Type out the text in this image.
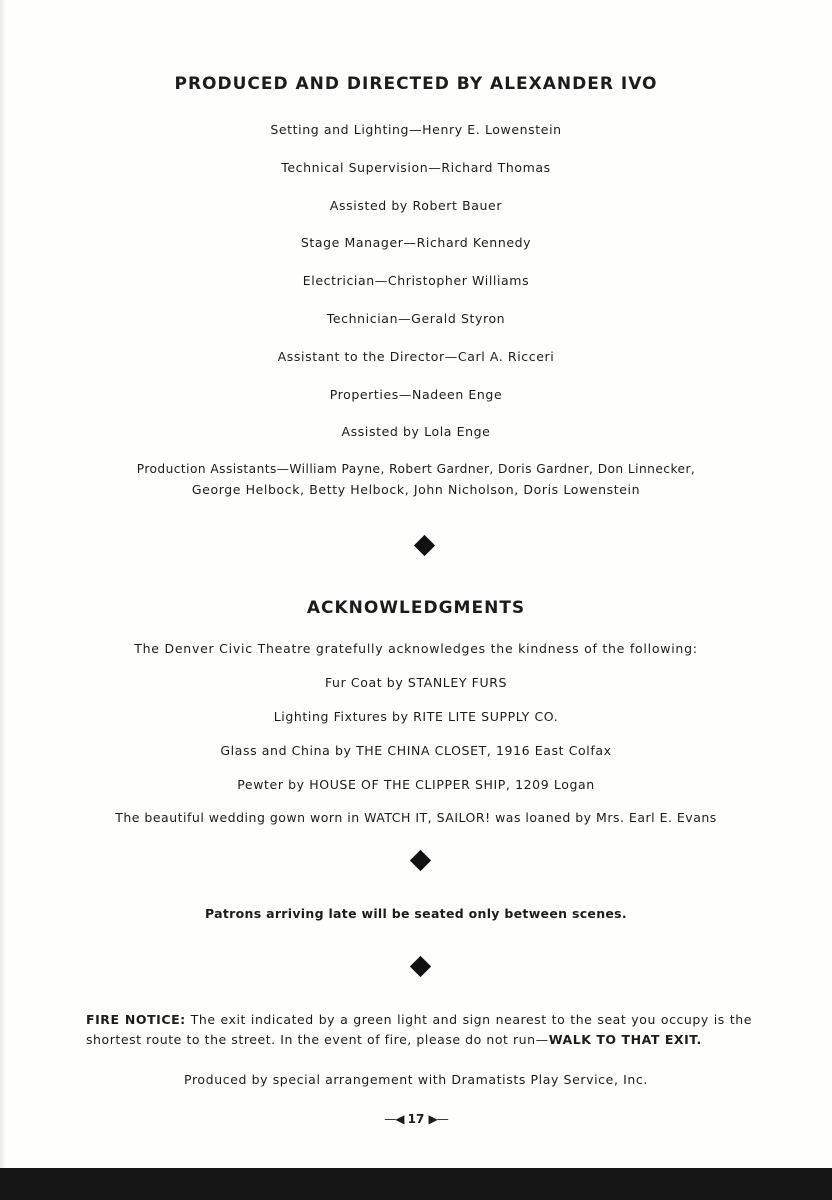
PRODUCED AND DIRECTED BY ALEXANDER IVO

Setting and Lighting—Henry E. Lowenstein

Technical Supervision—Richard Thomas

Assisted by Robert Bauer

Stage Manager—Richard Kennedy

Electrician—Christopher Williams

Technician—Gerald Styron

Assistant to the Director—Carl A. Ricceri

Properties—Nadeen Enge

Assisted by Lola Enge

Production Assistants—William Payne, Robert Gardner, Doris Gardner, Don Linnecker,

George Helbock, Betty Helbock, John Nicholson, Doris Lowenstein

ACKNOWLEDGMENTS

The Denver Civic Theatre gratefully acknowledges the kindness of the following:

Fur Coat by STANLEY FURS

Lighting Fixtures by RITE LITE SUPPLY CO.

Glass and China by THE CHINA CLOSET, 1916 East Colfax

Pewter by HOUSE OF THE CLIPPER SHIP, 1209 Logan

The beautiful wedding gown worn in WATCH IT, SAILOR! was loaned by Mrs. Earl E. Evans

Patrons arriving late will be seated only between scenes.

FIRE NOTICE: The exit indicated by a green light and sign nearest to the seat you occupy is the shortest route to the street. In the event of fire, please do not run—WALK TO THAT EXIT.

Produced by special arrangement with Dramatists Play Service, Inc.

—◀ 17 ▶—
